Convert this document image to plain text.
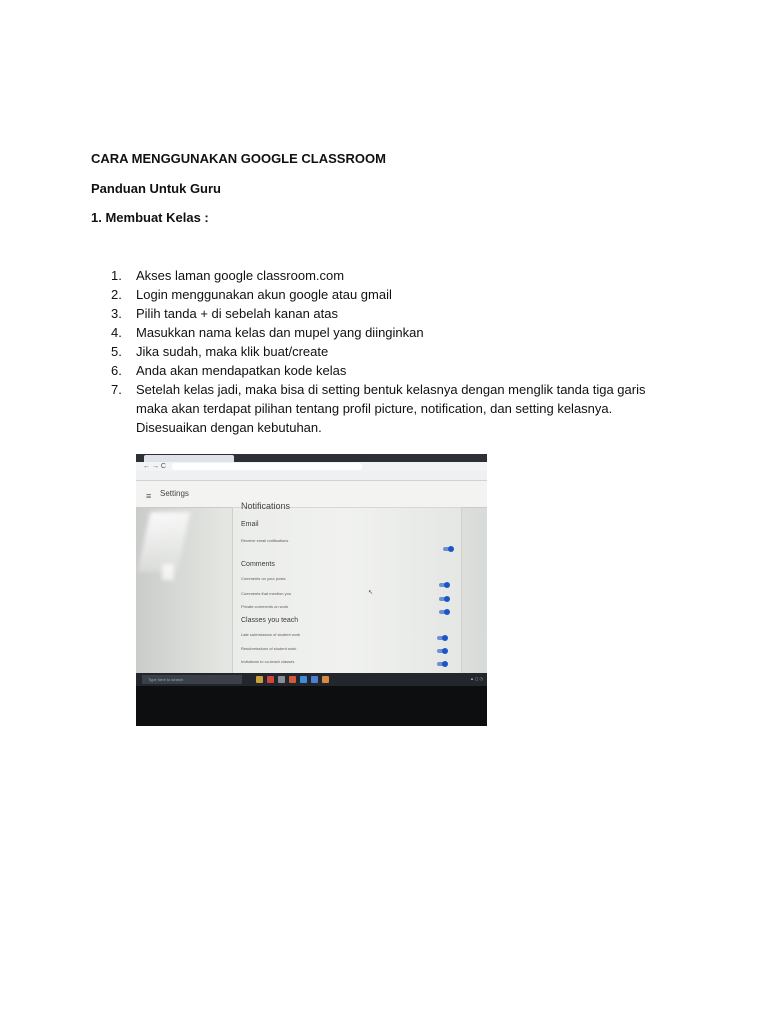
CARA MENGGUNAKAN GOOGLE CLASSROOM
Panduan Untuk Guru
1. Membuat Kelas :
1. Akses laman google classroom.com
2. Login menggunakan akun google atau gmail
3. Pilih tanda + di sebelah kanan atas
4. Masukkan nama kelas dan mupel yang diinginkan
5. Jika sudah, maka klik buat/create
6. Anda akan mendapatkan kode kelas
7. Setelah kelas jadi, maka bisa di setting bentuk kelasnya dengan menglik tanda tiga garis maka akan terdapat pilihan tentang profil picture, notification, dan setting kelasnya. Disesuaikan dengan kebutuhan.
← → C
≡ Settings
Notifications
Email
Receive email notifications
Comments
Comments on your posts
Comments that mention you
Private comments on work
Classes you teach
Late submissions of student work
Resubmissions of student work
Invitations to co-teach classes
↖
Type here to search	▲ ◻ ◷
